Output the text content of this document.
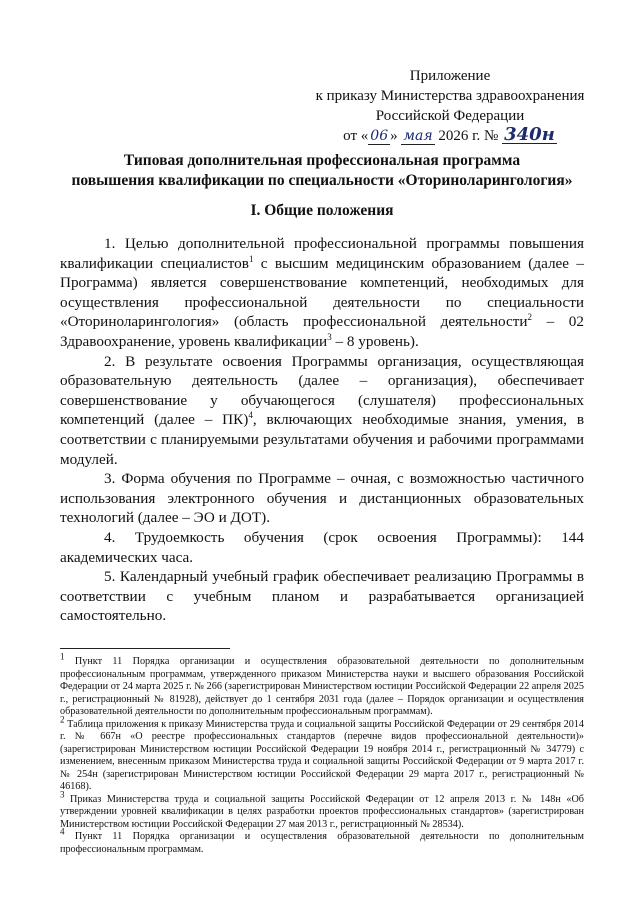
Приложение
к приказу Министерства здравоохранения
Российской Федерации
от « 06 » мая 2026 г. № 340н
Типовая дополнительная профессиональная программа
повышения квалификации по специальности «Оториноларингология»
I. Общие положения

1. Целью дополнительной профессиональной программы повышения квалификации специалистов$^1$ с высшим медицинским образованием (далее – Программа) является совершенствование компетенций, необходимых для осуществления профессиональной деятельности по специальности «Оториноларингология» (область профессиональной деятельности$^2$ – 02 Здравоохранение, уровень квалификации$^3$ – 8 уровень).

2. В результате освоения Программы организация, осуществляющая образовательную деятельность (далее – организация), обеспечивает совершенствование у обучающегося (слушателя) профессиональных компетенций (далее – ПК)$^4$, включающих необходимые знания, умения, в соответствии с планируемыми результатами обучения и рабочими программами модулей.

3. Форма обучения по Программе – очная, с возможностью частичного использования электронного обучения и дистанционных образовательных технологий (далее – ЭО и ДОТ).

4. Трудоемкость обучения (срок освоения Программы): 144 академических часа.

5. Календарный учебный график обеспечивает реализацию Программы в соответствии с учебным планом и разрабатывается организацией самостоятельно.

$^1$ Пункт 11 Порядка организации и осуществления образовательной деятельности по дополнительным профессиональным программам, утвержденного приказом Министерства науки и высшего образования Российской Федерации от 24 марта 2025 г. № 266 (зарегистрирован Министерством юстиции Российской Федерации 22 апреля 2025 г., регистрационный № 81928), действует до 1 сентября 2031 года (далее – Порядок организации и осуществления образовательной деятельности по дополнительным профессиональным программам).

$^2$ Таблица приложения к приказу Министерства труда и социальной защиты Российской Федерации от 29 сентября 2014 г. № 667н «О реестре профессиональных стандартов (перечне видов профессиональной деятельности)» (зарегистрирован Министерством юстиции Российской Федерации 19 ноября 2014 г., регистрационный № 34779) с изменением, внесенным приказом Министерства труда и социальной защиты Российской Федерации от 9 марта 2017 г. № 254н (зарегистрирован Министерством юстиции Российской Федерации 29 марта 2017 г., регистрационный № 46168).

$^3$ Приказ Министерства труда и социальной защиты Российской Федерации от 12 апреля 2013 г. № 148н «Об утверждении уровней квалификации в целях разработки проектов профессиональных стандартов» (зарегистрирован Министерством юстиции Российской Федерации 27 мая 2013 г., регистрационный № 28534).

$^4$ Пункт 11 Порядка организации и осуществления образовательной деятельности по дополнительным профессиональным программам.
